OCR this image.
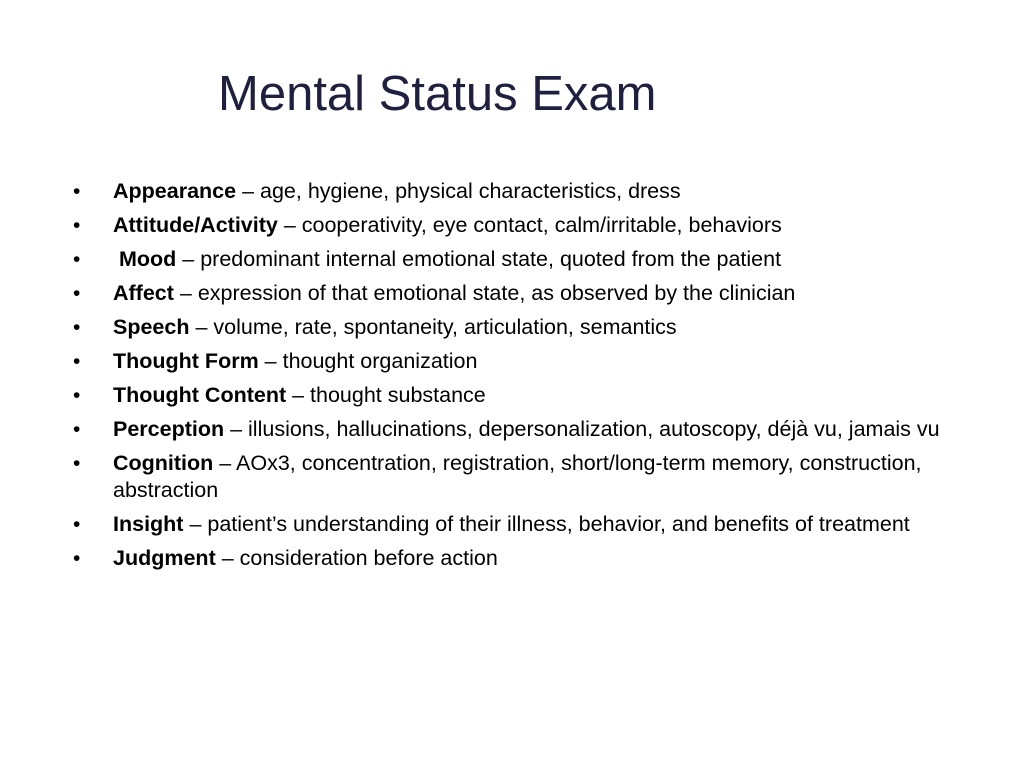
Mental Status Exam
• Appearance – age, hygiene, physical characteristics, dress
• Attitude/Activity – cooperativity, eye contact, calm/irritable, behaviors
• Mood – predominant internal emotional state, quoted from the patient
• Affect – expression of that emotional state, as observed by the clinician
• Speech – volume, rate, spontaneity, articulation, semantics
• Thought Form – thought organization
• Thought Content – thought substance
• Perception – illusions, hallucinations, depersonalization, autoscopy, déjà vu, jamais vu
• Cognition – AOx3, concentration, registration, short/long-term memory, construction, abstraction
• Insight – patient’s understanding of their illness, behavior, and benefits of treatment
• Judgment – consideration before action
